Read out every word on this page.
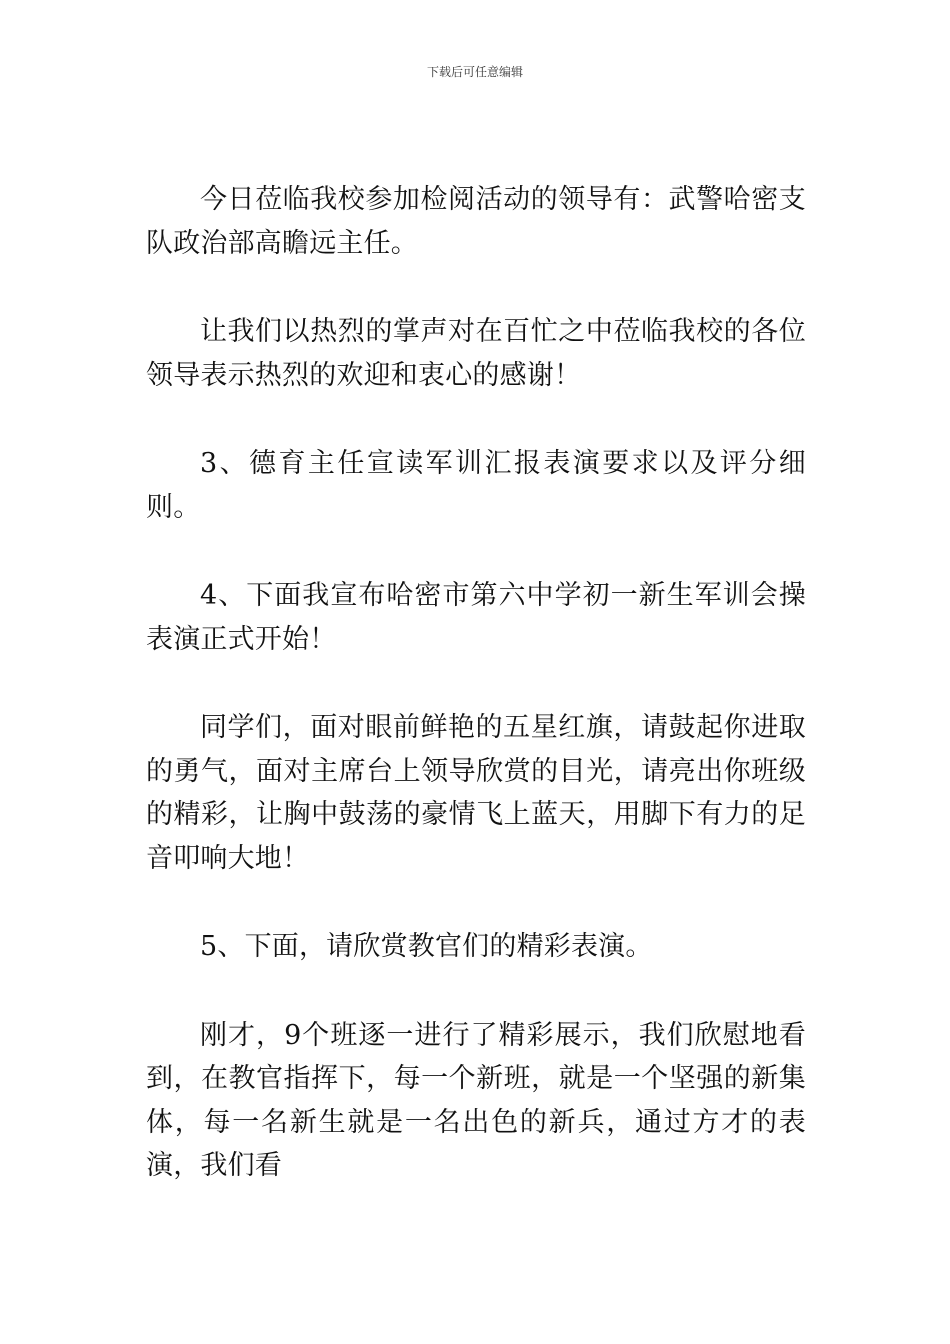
下载后可任意编辑

今日莅临我校参加检阅活动的领导有：武警哈密支队政治部高瞻远主任。

让我们以热烈的掌声对在百忙之中莅临我校的各位领导表示热烈的欢迎和衷心的感谢！

3、德育主任宣读军训汇报表演要求以及评分细则。

4、下面我宣布哈密市第六中学初一新生军训会操表演正式开始！

同学们，面对眼前鲜艳的五星红旗，请鼓起你进取的勇气，面对主席台上领导欣赏的目光，请亮出你班级的精彩，让胸中鼓荡的豪情飞上蓝天，用脚下有力的足音叩响大地！

5、下面，请欣赏教官们的精彩表演。

刚才，9个班逐一进行了精彩展示，我们欣慰地看到，在教官指挥下，每一个新班，就是一个坚强的新集体，每一名新生就是一名出色的新兵，通过方才的表演，我们看
